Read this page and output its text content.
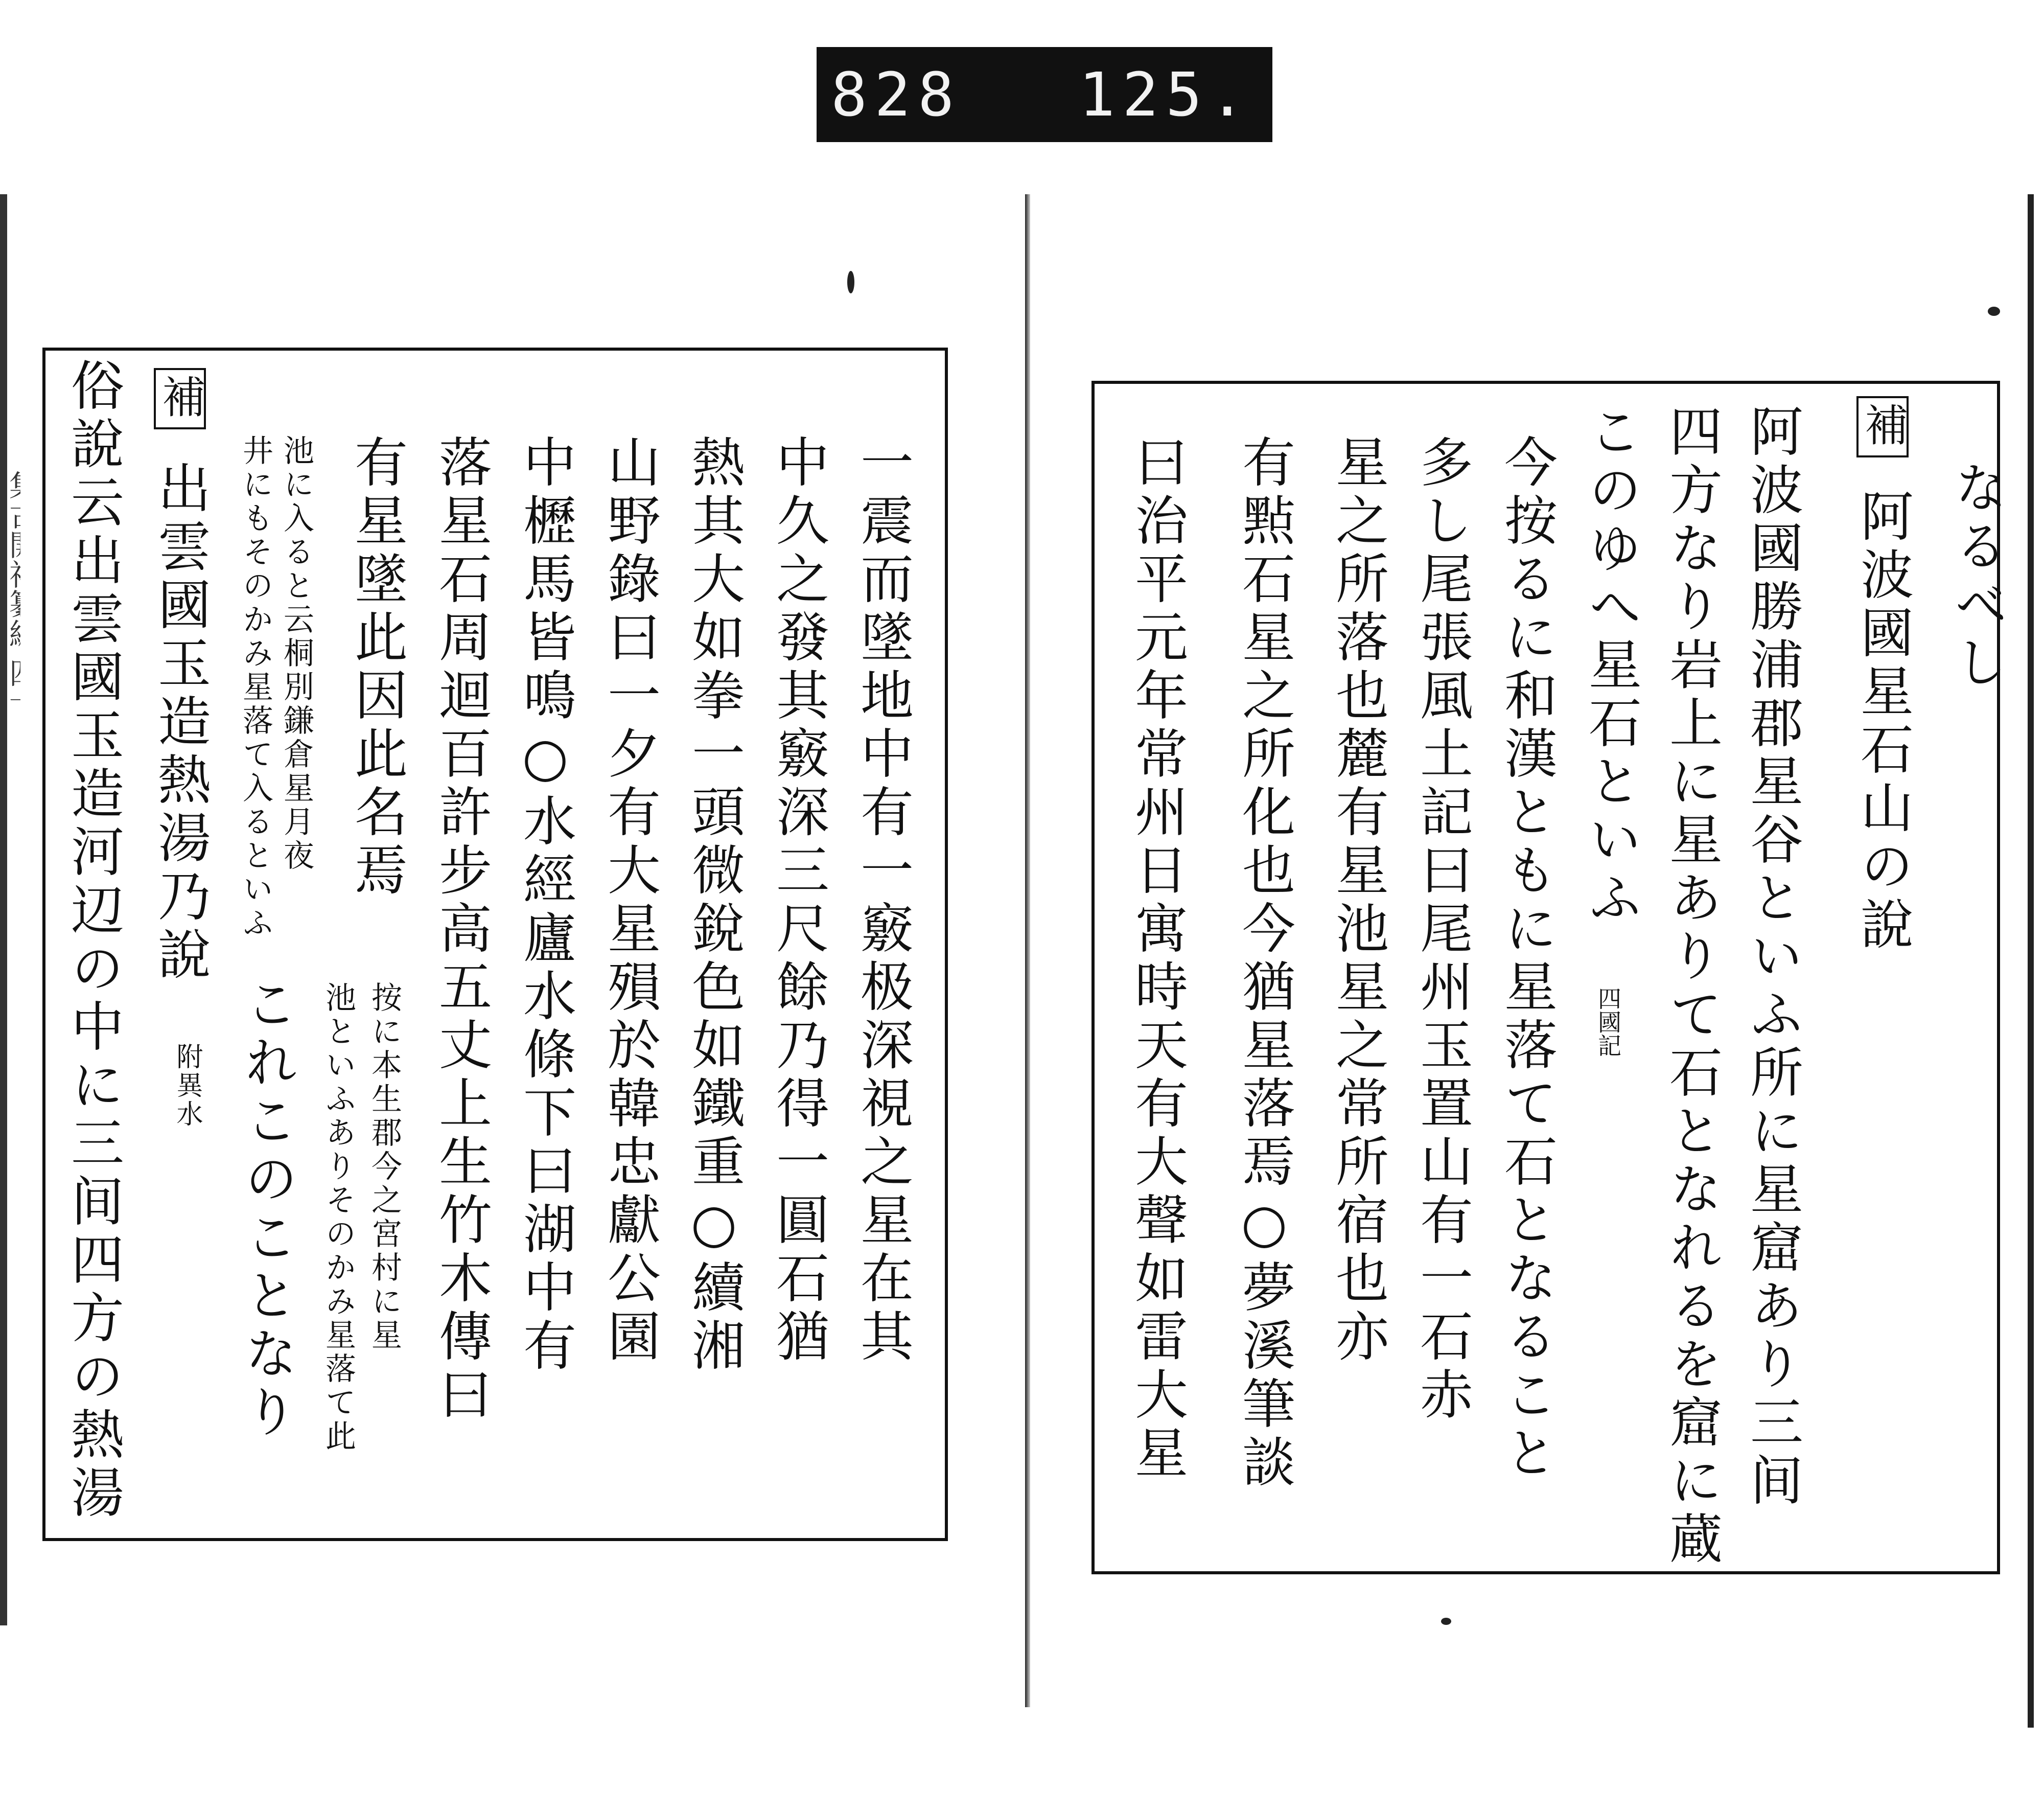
828 125.
なるべし
補 阿波國星石山の說
阿波國勝浦郡星谷といふ所に星窟あり三间
四方なり岩上に星ありて石となれるを窟に蔵
このゆへ星石といふ
四國記
今按るに和漢ともに星落て石となること
多し尾張風土記曰尾州玉置山有一石赤
星之所落也麓有星池星之常所宿也亦
有㸃石星之所化也今猶星落焉○夢溪筆談
曰治平元年常州日寓時天有大聲如雷大星
一震而墜地中有一竅极深視之星在其
中久之發其竅深三尺餘乃得一圓石猶
熱其大如拳一頭微銳色如鐵重○續湘
山野錄曰一夕有大星殞於韓忠獻公園
中櫪馬皆鳴○水經廬水條下曰湖中有
落星石周迴百許步高五丈上生竹木傳曰
有星墜此因此名焉
按に本生郡今之宮村に星
池といふありそのかみ星落て此
池に入ると云桐別鎌倉星月夜
井にもそのかみ星落て入るといふ
これこのことなり
補 出雲國玉造熱湯乃說
附異水
俗說云出雲國玉造河辺の中に三间四方の熱湯
